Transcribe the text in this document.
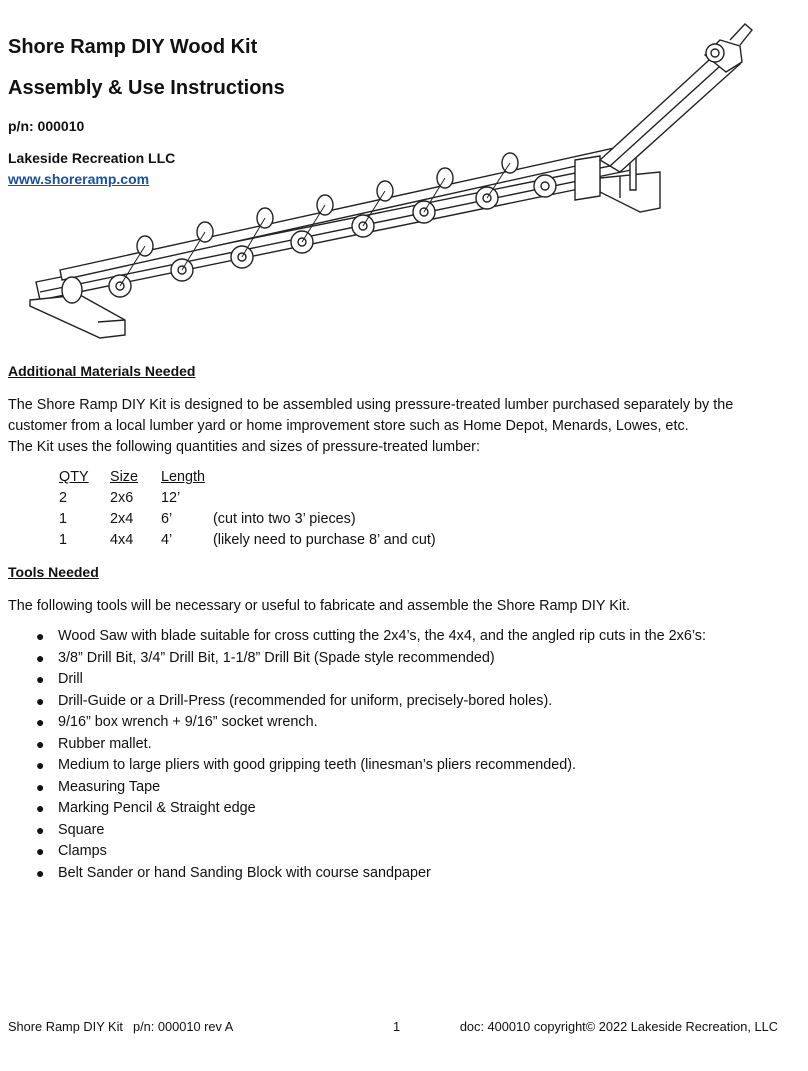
Shore Ramp DIY Wood Kit
Assembly & Use Instructions
p/n: 000010
Lakeside Recreation LLC
www.shoreramp.com
Additional Materials Needed
The Shore Ramp DIY Kit is designed to be assembled using pressure-treated lumber purchased separately by the
customer from a local lumber yard or home improvement store such as Home Depot, Menards, Lowes, etc.
The Kit uses the following quantities and sizes of pressure-treated lumber:
QTY Size Length
2	2x6 12’
1	2x4 6’	(cut into two 3’ pieces)
1	4x4 4’	(likely need to purchase 8’ and cut)
Tools Needed
The following tools will be necessary or useful to fabricate and assemble the Shore Ramp DIY Kit.
● Wood Saw with blade suitable for cross cutting the 2x4’s, the 4x4, and the angled rip cuts in the 2x6’s:
● 3/8” Drill Bit, 3/4” Drill Bit, 1-1/8” Drill Bit (Spade style recommended)
● Drill
● Drill-Guide or a Drill-Press (recommended for uniform, precisely-bored holes).
● 9/16” box wrench + 9/16” socket wrench.
● Rubber mallet.
● Medium to large pliers with good gripping teeth (linesman’s pliers recommended).
● Measuring Tape
● Marking Pencil & Straight edge
● Square
● Clamps
● Belt Sander or hand Sanding Block with course sandpaper
Shore Ramp DIY Kit p/n: 000010 rev A	1	doc: 400010 copyright© 2022 Lakeside Recreation, LLC
